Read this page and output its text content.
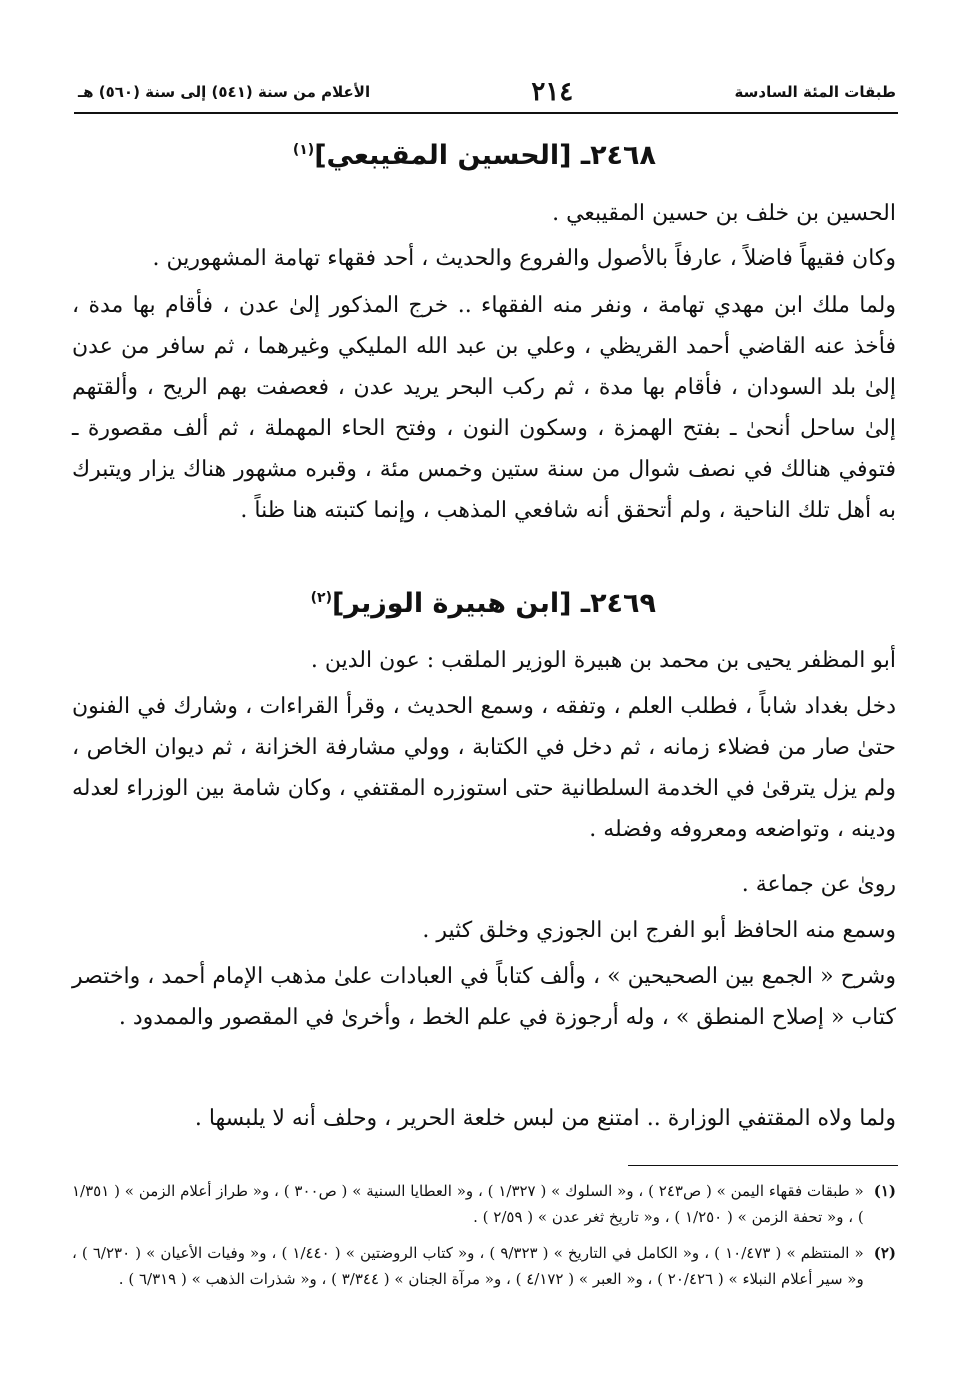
طبقات المئة السادسة
٢١٤
الأعلام من سنة (٥٤١) إلى سنة (٥٦٠) هـ
٢٤٦٨ـ [الحسين المقيبعي]$^{(١)}$

الحسين بن خلف بن حسين المقيبعي .

وكان فقيهاً فاضلاً ، عارفاً بالأصول والفروع والحديث ، أحد فقهاء تهامة المشهورين .

ولما ملك ابن مهدي تهامة ، ونفر منه الفقهاء .. خرج المذكور إلىٰ عدن ، فأقام بها مدة ، فأخذ عنه القاضي أحمد القريظي ، وعلي بن عبد الله المليكي وغيرهما ، ثم سافر من عدن إلىٰ بلد السودان ، فأقام بها مدة ، ثم ركب البحر يريد عدن ، فعصفت بهم الريح ، وألقتهم إلىٰ ساحل أنحىٰ ـ بفتح الهمزة ، وسكون النون ، وفتح الحاء المهملة ، ثم ألف مقصورة ـ فتوفي هنالك في نصف شوال من سنة ستين وخمس مئة ، وقبره مشهور هناك يزار ويتبرك به أهل تلك الناحية ، ولم أتحقق أنه شافعي المذهب ، وإنما كتبته هنا ظناً .

٢٤٦٩ـ [ابن هبيرة الوزير]$^{(٢)}$

أبو المظفر يحيى بن محمد بن هبيرة الوزير الملقب : عون الدين .

دخل بغداد شاباً ، فطلب العلم ، وتفقه ، وسمع الحديث ، وقرأ القراءات ، وشارك في الفنون حتىٰ صار من فضلاء زمانه ، ثم دخل في الكتابة ، وولي مشارفة الخزانة ، ثم ديوان الخاص ، ولم يزل يترقىٰ في الخدمة السلطانية حتى استوزره المقتفي ، وكان شامة بين الوزراء لعدله ودينه ، وتواضعه ومعروفه وفضله .

روىٰ عن جماعة .

وسمع منه الحافظ أبو الفرج ابن الجوزي وخلق كثير .

وشرح « الجمع بين الصحيحين » ، وألف كتاباً في العبادات علىٰ مذهب الإمام أحمد ، واختصر كتاب « إصلاح المنطق » ، وله أرجوزة في علم الخط ، وأخرىٰ في المقصور والممدود .

ولما ولاه المقتفي الوزارة .. امتنع من لبس خلعة الحرير ، وحلف أنه لا يلبسها .

(١)
« طبقات فقهاء اليمن » ( ص٢٤٣ ) ، و« السلوك » ( ١/٣٢٧ ) ، و« العطايا السنية » ( ص٣٠٠ ) ، و« طراز أعلام الزمن » ( ١/٣٥١ ) ، و« تحفة الزمن » ( ١/٢٥٠ ) ، و« تاريخ ثغر عدن » ( ٢/٥٩ ) .
(٢)
« المنتظم » ( ١٠/٤٧٣ ) ، و« الكامل في التاريخ » ( ٩/٣٢٣ ) ، و« كتاب الروضتين » ( ١/٤٤٠ ) ، و« وفيات الأعيان » ( ٦/٢٣٠ ) ، و« سير أعلام النبلاء » ( ٢٠/٤٢٦ ) ، و« العبر » ( ٤/١٧٢ ) ، و« مرآة الجنان » ( ٣/٣٤٤ ) ، و« شذرات الذهب » ( ٦/٣١٩ ) .
